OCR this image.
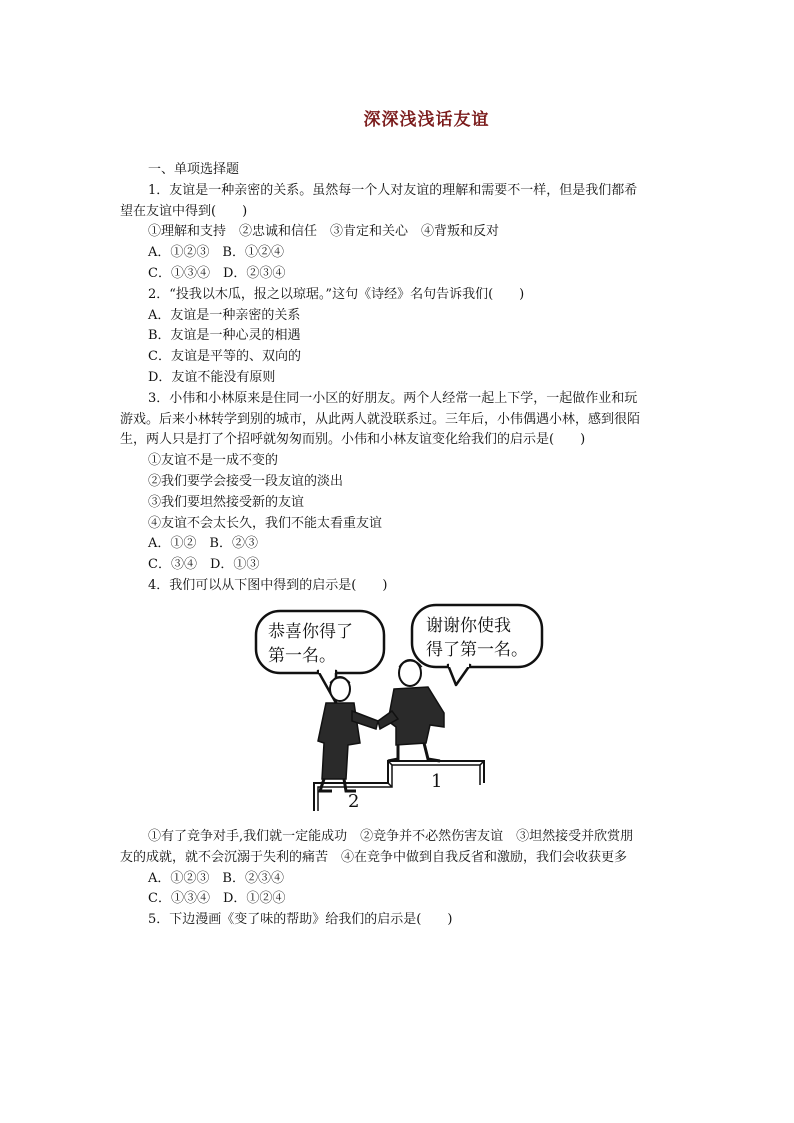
深深浅浅话友谊

一、单项选择题

1．友谊是一种亲密的关系。虽然每一个人对友谊的理解和需要不一样，但是我们都希

望在友谊中得到(　　)

①理解和支持　②忠诚和信任　③肯定和关心　④背叛和反对

A．①②③　B．①②④

C．①③④　D．②③④

2．“投我以木瓜，报之以琼琚。”这句《诗经》名句告诉我们(　　)

A．友谊是一种亲密的关系

B．友谊是一种心灵的相遇

C．友谊是平等的、双向的

D．友谊不能没有原则

3．小伟和小林原来是住同一小区的好朋友。两个人经常一起上下学，一起做作业和玩

游戏。后来小林转学到别的城市，从此两人就没联系过。三年后，小伟偶遇小林，感到很陌

生，两人只是打了个招呼就匆匆而别。小伟和小林友谊变化给我们的启示是(　　)

①友谊不是一成不变的

②我们要学会接受一段友谊的淡出

③我们要坦然接受新的友谊

④友谊不会太长久，我们不能太看重友谊

A．①②　B．②③

C．③④　D．①③

4．我们可以从下图中得到的启示是(　　)

恭喜你得了
第一名。
谢谢你使我
得了第一名。
1
2

①有了竞争对手,我们就一定能成功　②竞争并不必然伤害友谊　③坦然接受并欣赏朋

友的成就，就不会沉溺于失利的痛苦　④在竞争中做到自我反省和激励，我们会收获更多

A．①②③　B．②③④

C．①③④　D．①②④

5．下边漫画《变了味的帮助》给我们的启示是(　　)
